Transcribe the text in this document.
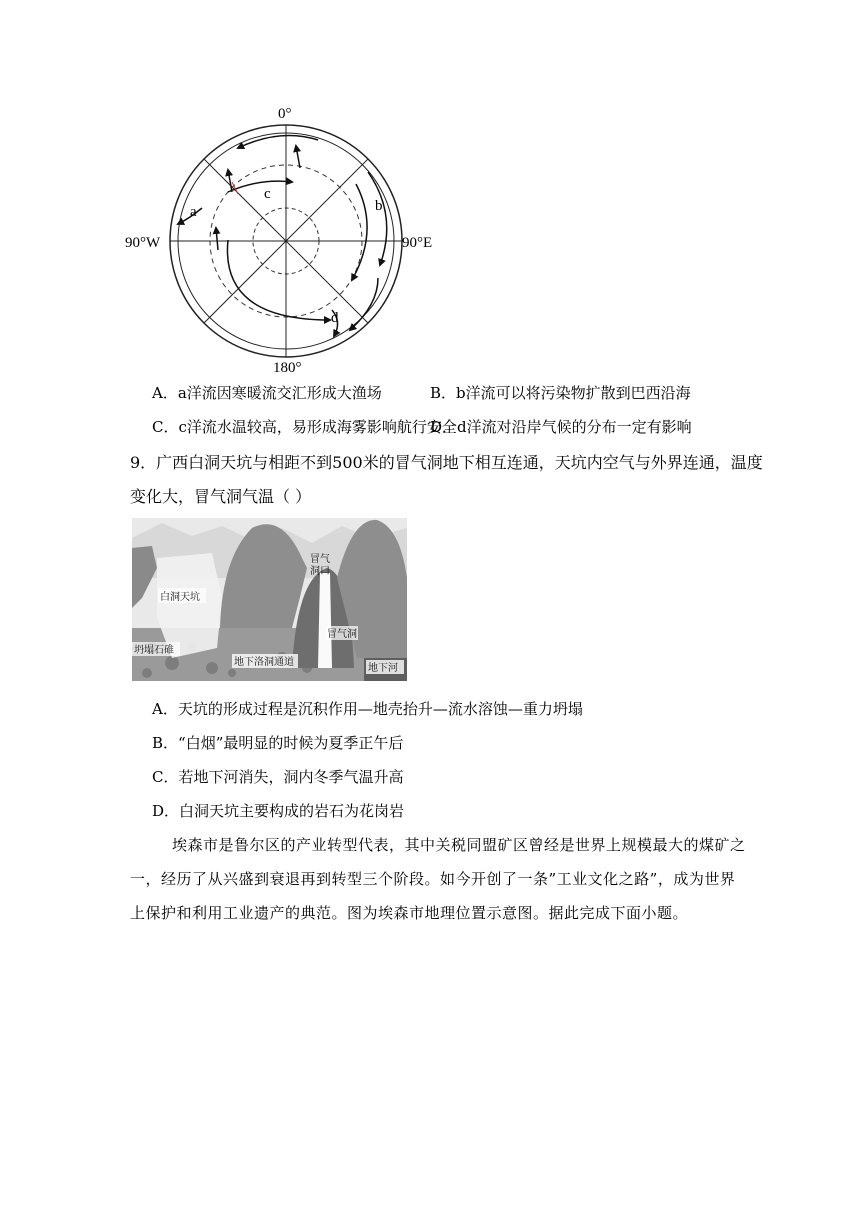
0°
180°
90°W	90°E
a	b
c
d
A．a洋流因寒暖流交汇形成大渔场	B．b洋流可以将污染物扩散到巴西沿海
C．c洋流水温较高，易形成海雾影响航行安全
D．d洋流对沿岸气候的分布一定有影响
9．广西白洞天坑与相距不到500米的冒气洞地下相互连通，天坑内空气与外界连通，温度
变化大，冒气洞气温（ ）
白洞天坑
冒气
洞口
冒气洞
坍塌石碓
地下洛洞通道
地下河
A．天坑的形成过程是沉积作用—地壳抬升—流水溶蚀—重力坍塌
B．“白烟”最明显的时候为夏季正午后
C．若地下河消失，洞内冬季气温升高
D．白洞天坑主要构成的岩石为花岗岩
埃森市是鲁尔区的产业转型代表，其中关税同盟矿区曾经是世界上规模最大的煤矿之
一，经历了从兴盛到衰退再到转型三个阶段。如今开创了一条”工业文化之路”，成为世界
上保护和利用工业遗产的典范。图为埃森市地理位置示意图。据此完成下面小题。
